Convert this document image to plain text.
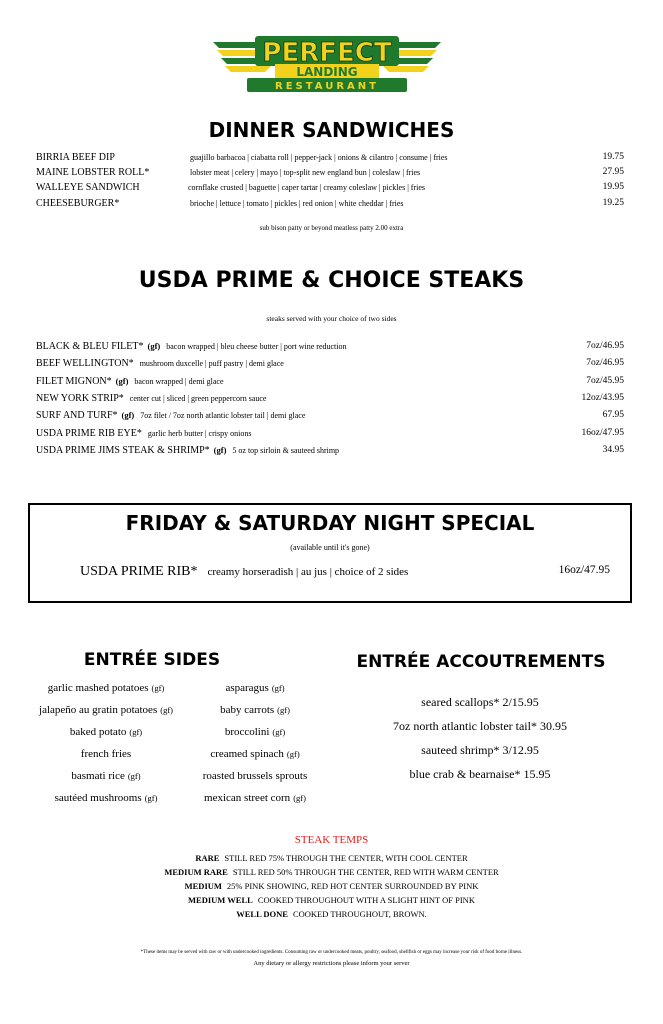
PERFECT
LANDING
RESTAURANT
DINNER SANDWICHES
BIRRIA BEEF DIP	guajillo barbacoa | ciabatta roll | pepper-jack | onions & cilantro | consume | fries	19.75
MAINE LOBSTER ROLL*	lobster meat | celery | mayo | top-split new england bun | coleslaw | fries	27.95
WALLEYE SANDWICH	cornflake crusted | baguette | caper tartar | creamy coleslaw | pickles | fries	19.95
CHEESEBURGER*	brioche | lettuce | tomato | pickles | red onion | white cheddar | fries	19.25
sub bison patty or beyond meatless patty 2.00 extra
USDA PRIME & CHOICE STEAKS
steaks served with your choice of two sides
BLACK & BLEU FILET* (gf) bacon wrapped | bleu cheese butter | port wine reduction	7oz/46.95
BEEF WELLINGTON* mushroom duxcelle | puff pastry | demi glace	7oz/46.95
FILET MIGNON* (gf) bacon wrapped | demi glace	7oz/45.95
NEW YORK STRIP* center cut | sliced | green peppercorn sauce	12oz/43.95
SURF AND TURF* (gf) 7oz filet / 7oz north atlantic lobster tail | demi glace	67.95
USDA PRIME RIB EYE* garlic herb butter | crispy onions	16oz/47.95
USDA PRIME JIMS STEAK & SHRIMP* (gf) 5 oz top sirloin & sauteed shrimp	34.95
FRIDAY & SATURDAY NIGHT SPECIAL
(available until it's gone)
USDA PRIME RIB* creamy horseradish | au jus | choice of 2 sides	16oz/47.95
ENTRÉE SIDES
garlic mashed potatoes (gf)
jalapeño au gratin potatoes (gf)
baked potato (gf)
french fries
basmati rice (gf)
sautéed mushrooms (gf)
asparagus (gf)
baby carrots (gf)
broccolini (gf)
creamed spinach (gf)
roasted brussels sprouts
mexican street corn (gf)
ENTRÉE ACCOUTREMENTS
seared scallops* 2/15.95
7oz north atlantic lobster tail* 30.95
sauteed shrimp* 3/12.95
blue crab & bearnaise* 15.95
STEAK TEMPS
RARE STILL RED 75% THROUGH THE CENTER, WITH COOL CENTER
MEDIUM RARE STILL RED 50% THROUGH THE CENTER, RED WITH WARM CENTER
MEDIUM 25% PINK SHOWING, RED HOT CENTER SURROUNDED BY PINK
MEDIUM WELL COOKED THROUGHOUT WITH A SLIGHT HINT OF PINK
WELL DONE COOKED THROUGHOUT, BROWN.
*These items may be served with raw or with undercooked ingredients. Consuming raw or undercooked meats, poultry, seafood, shellfish or eggs may increase your risk of food borne illness.
Any dietary or allergy restrictions please inform your server
